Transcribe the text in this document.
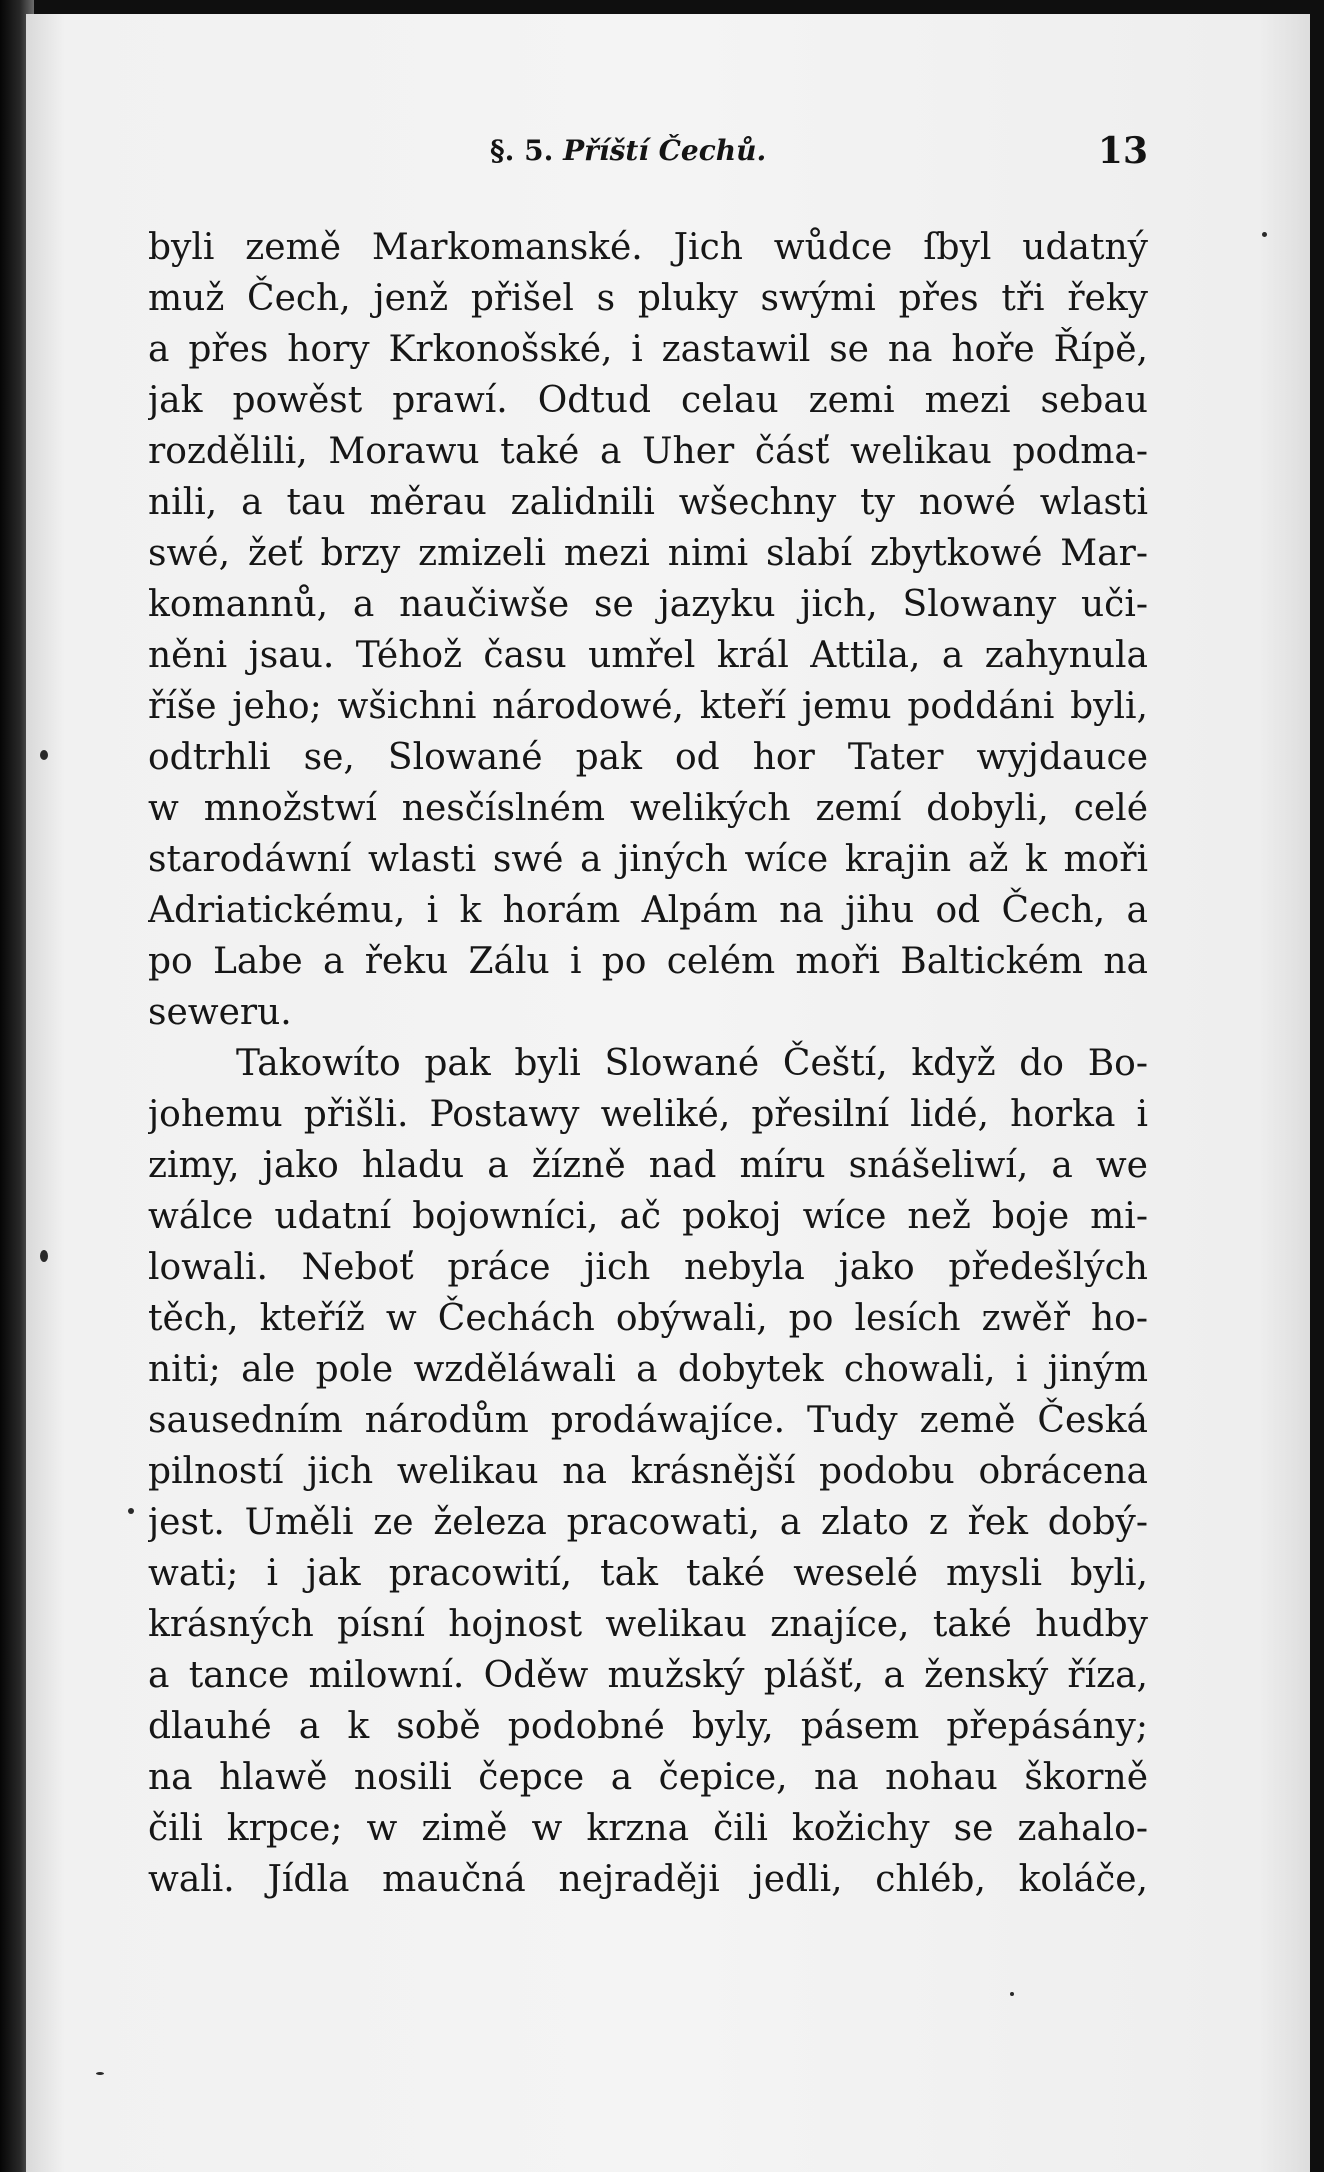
§. 5. Příští Čechů.	13
byli země Markomanské. Jich wůdce ſbyl udatný
muž Čech, jenž přišel s pluky swými přes tři řeky
a přes hory Krkonošské, i zastawil se na hoře Řípě,
jak powěst prawí. Odtud celau zemi mezi sebau
rozdělili, Morawu také a Uher čásť welikau podma-
nili, a tau měrau zalidnili wšechny ty nowé wlasti
swé, žeť brzy zmizeli mezi nimi slabí zbytkowé Mar-
komannů, a naučiwše se jazyku jich, Slowany uči-
něni jsau. Téhož času umřel král Attila, a zahynula
říše jeho; wšichni národowé, kteří jemu poddáni byli,
odtrhli se, Slowané pak od hor Tater wyjdauce
w množstwí nesčíslném welikých zemí dobyli, celé
starodáwní wlasti swé a jiných wíce krajin až k moři
Adriatickému, i k horám Alpám na jihu od Čech, a
po Labe a řeku Zálu i po celém moři Baltickém na
seweru.
Takowíto pak byli Slowané Čeští, když do Bo-
johemu přišli. Postawy weliké, přesilní lidé, horka i
zimy, jako hladu a žízně nad míru snášeliwí, a we
wálce udatní bojowníci, ač pokoj wíce než boje mi-
lowali. Neboť práce jich nebyla jako předešlých
těch, kteříž w Čechách obýwali, po lesích zwěř ho-
niti; ale pole wzděláwali a dobytek chowali, i jiným
sausedním národům prodáwajíce. Tudy země Česká
pilností jich welikau na krásnější podobu obrácena
jest. Uměli ze železa pracowati, a zlato z řek dobý-
wati; i jak pracowití, tak také weselé mysli byli,
krásných písní hojnost welikau znajíce, také hudby
a tance milowní. Oděw mužský plášť, a ženský říza,
dlauhé a k sobě podobné byly, pásem přepásány;
na hlawě nosili čepce a čepice, na nohau škorně
čili krpce; w zimě w krzna čili kožichy se zahalo-
wali. Jídla maučná nejraději jedli, chléb, koláče,
